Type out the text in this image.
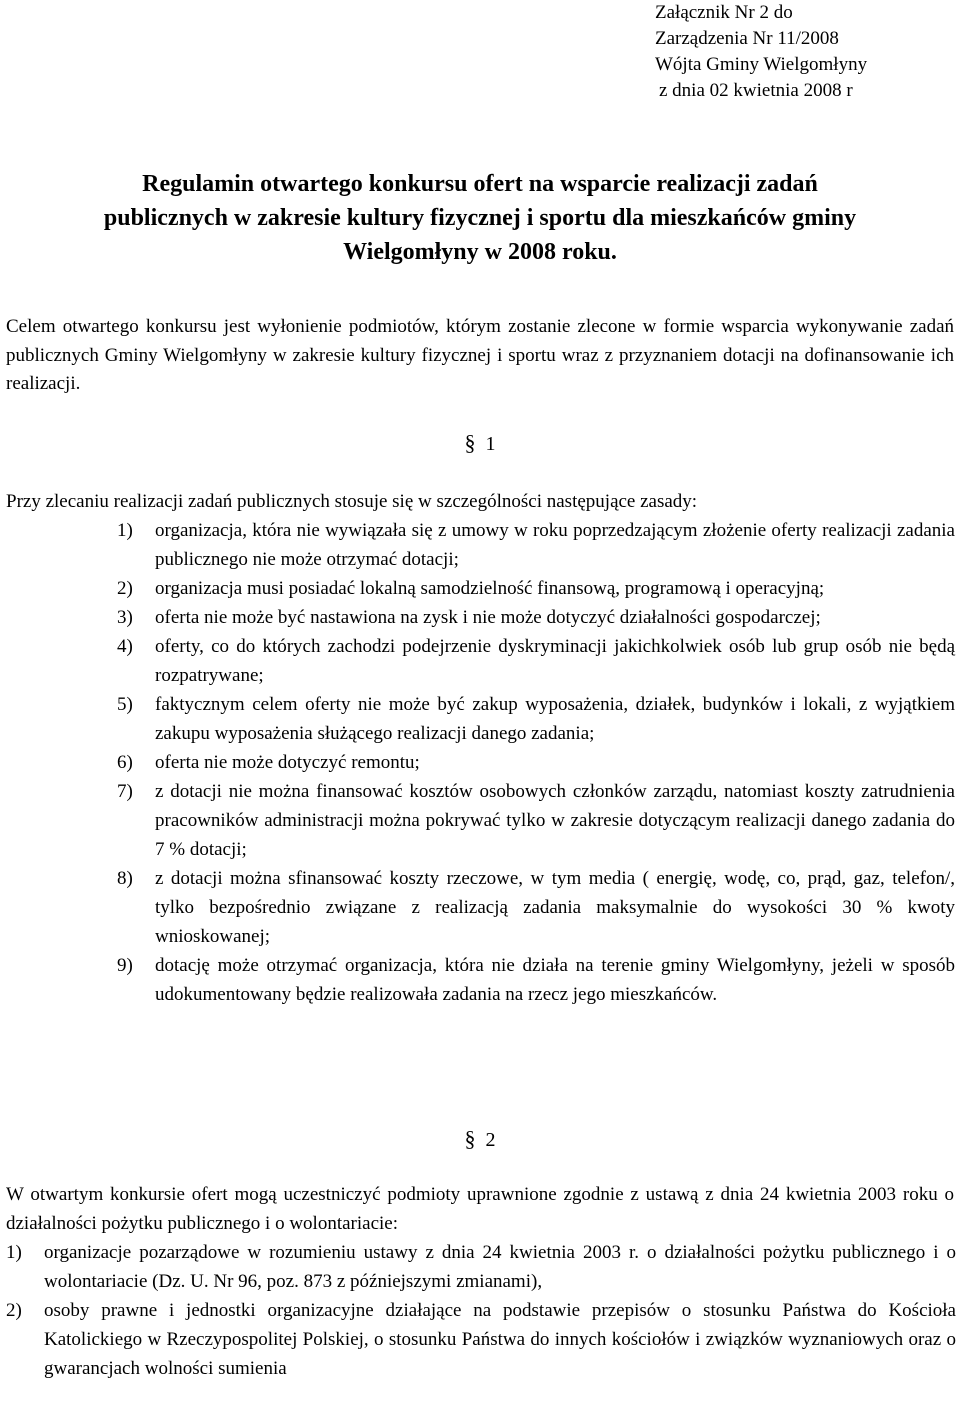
Załącznik Nr 2 do
Zarządzenia Nr 11/2008
Wójta Gminy Wielgomłyny
z dnia 02 kwietnia 2008 r
Regulamin otwartego konkursu ofert na wsparcie realizacji zadań
publicznych w zakresie kultury fizycznej i sportu dla mieszkańców gminy
Wielgomłyny w 2008 roku.
Celem otwartego konkursu jest wyłonienie podmiotów, którym zostanie zlecone w formie wsparcia wykonywanie zadań publicznych Gminy Wielgomłyny w zakresie kultury fizycznej i sportu wraz z przyznaniem dotacji na dofinansowanie ich realizacji.
§ 1
Przy zlecaniu realizacji zadań publicznych stosuje się w szczególności następujące zasady:
1) organizacja, która nie wywiązała się z umowy w roku poprzedzającym złożenie oferty realizacji zadania publicznego nie może otrzymać dotacji;
2) organizacja musi posiadać lokalną samodzielność finansową, programową i operacyjną;
3) oferta nie może być nastawiona na zysk i nie może dotyczyć działalności gospodarczej;
4) oferty, co do których zachodzi podejrzenie dyskryminacji jakichkolwiek osób lub grup osób nie będą rozpatrywane;
5) faktycznym celem oferty nie może być zakup wyposażenia, działek, budynków i lokali, z wyjątkiem zakupu wyposażenia służącego realizacji danego zadania;
6) oferta nie może dotyczyć remontu;
7) z dotacji nie można finansować kosztów osobowych członków zarządu, natomiast koszty zatrudnienia pracowników administracji można pokrywać tylko w zakresie dotyczącym realizacji danego zadania do 7 % dotacji;
8) z dotacji można sfinansować koszty rzeczowe, w tym media ( energię, wodę, co, prąd, gaz, telefon/, tylko bezpośrednio związane z realizacją zadania maksymalnie do wysokości 30 % kwoty wnioskowanej;
9) dotację może otrzymać organizacja, która nie działa na terenie gminy Wielgomłyny, jeżeli w sposób udokumentowany będzie realizowała zadania na rzecz jego mieszkańców.
§ 2
W otwartym konkursie ofert mogą uczestniczyć podmioty uprawnione zgodnie z ustawą z dnia 24 kwietnia 2003 roku o działalności pożytku publicznego i o wolontariacie:
1) organizacje pozarządowe w rozumieniu ustawy z dnia 24 kwietnia 2003 r. o działalności pożytku publicznego i o wolontariacie (Dz. U. Nr 96, poz. 873 z późniejszymi zmianami),
2) osoby prawne i jednostki organizacyjne działające na podstawie przepisów o stosunku Państwa do Kościoła Katolickiego w Rzeczypospolitej Polskiej, o stosunku Państwa do innych kościołów i związków wyznaniowych oraz o gwarancjach wolności sumienia
